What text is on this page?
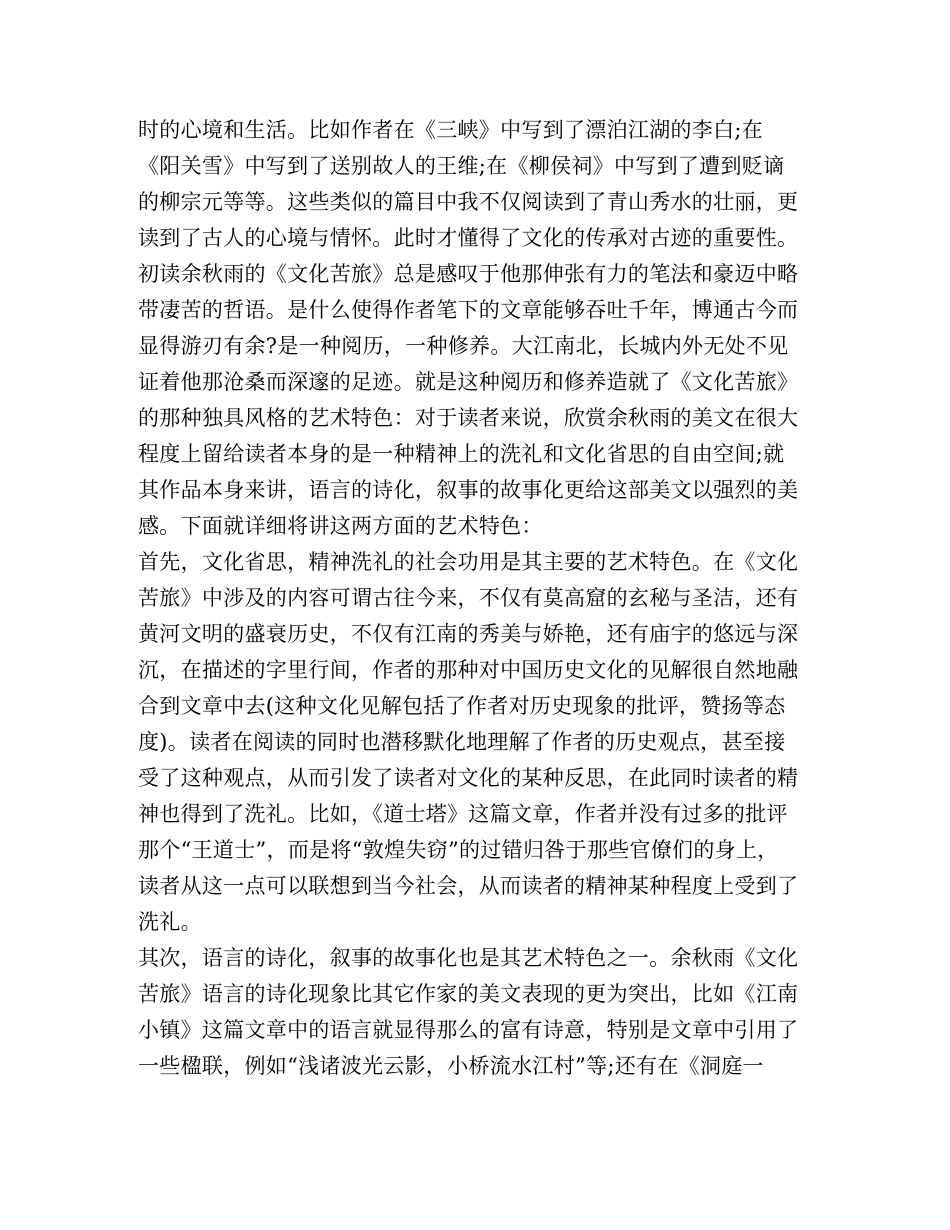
时的心境和生活。比如作者在《三峡》中写到了漂泊江湖的李白;在
《阳关雪》中写到了送别故人的王维;在《柳侯祠》中写到了遭到贬谪
的柳宗元等等。这些类似的篇目中我不仅阅读到了青山秀水的壮丽，更
读到了古人的心境与情怀。此时才懂得了文化的传承对古迹的重要性。
初读余秋雨的《文化苦旅》总是感叹于他那伸张有力的笔法和豪迈中略
带凄苦的哲语。是什么使得作者笔下的文章能够吞吐千年，博通古今而
显得游刃有余?是一种阅历，一种修养。大江南北，长城内外无处不见
证着他那沧桑而深邃的足迹。就是这种阅历和修养造就了《文化苦旅》
的那种独具风格的艺术特色：对于读者来说，欣赏余秋雨的美文在很大
程度上留给读者本身的是一种精神上的洗礼和文化省思的自由空间;就
其作品本身来讲，语言的诗化，叙事的故事化更给这部美文以强烈的美
感。下面就详细将讲这两方面的艺术特色：
首先，文化省思，精神洗礼的社会功用是其主要的艺术特色。在《文化
苦旅》中涉及的内容可谓古往今来，不仅有莫高窟的玄秘与圣洁，还有
黄河文明的盛衰历史，不仅有江南的秀美与娇艳，还有庙宇的悠远与深
沉，在描述的字里行间，作者的那种对中国历史文化的见解很自然地融
合到文章中去(这种文化见解包括了作者对历史现象的批评，赞扬等态
度)。读者在阅读的同时也潜移默化地理解了作者的历史观点，甚至接
受了这种观点，从而引发了读者对文化的某种反思，在此同时读者的精
神也得到了洗礼。比如，《道士塔》这篇文章，作者并没有过多的批评
那个“王道士”，而是将“敦煌失窃”的过错归咎于那些官僚们的身上，
读者从这一点可以联想到当今社会，从而读者的精神某种程度上受到了
洗礼。
其次，语言的诗化，叙事的故事化也是其艺术特色之一。余秋雨《文化
苦旅》语言的诗化现象比其它作家的美文表现的更为突出，比如《江南
小镇》这篇文章中的语言就显得那么的富有诗意，特别是文章中引用了
一些楹联，例如“浅诸波光云影，小桥流水江村”等;还有在《洞庭一
